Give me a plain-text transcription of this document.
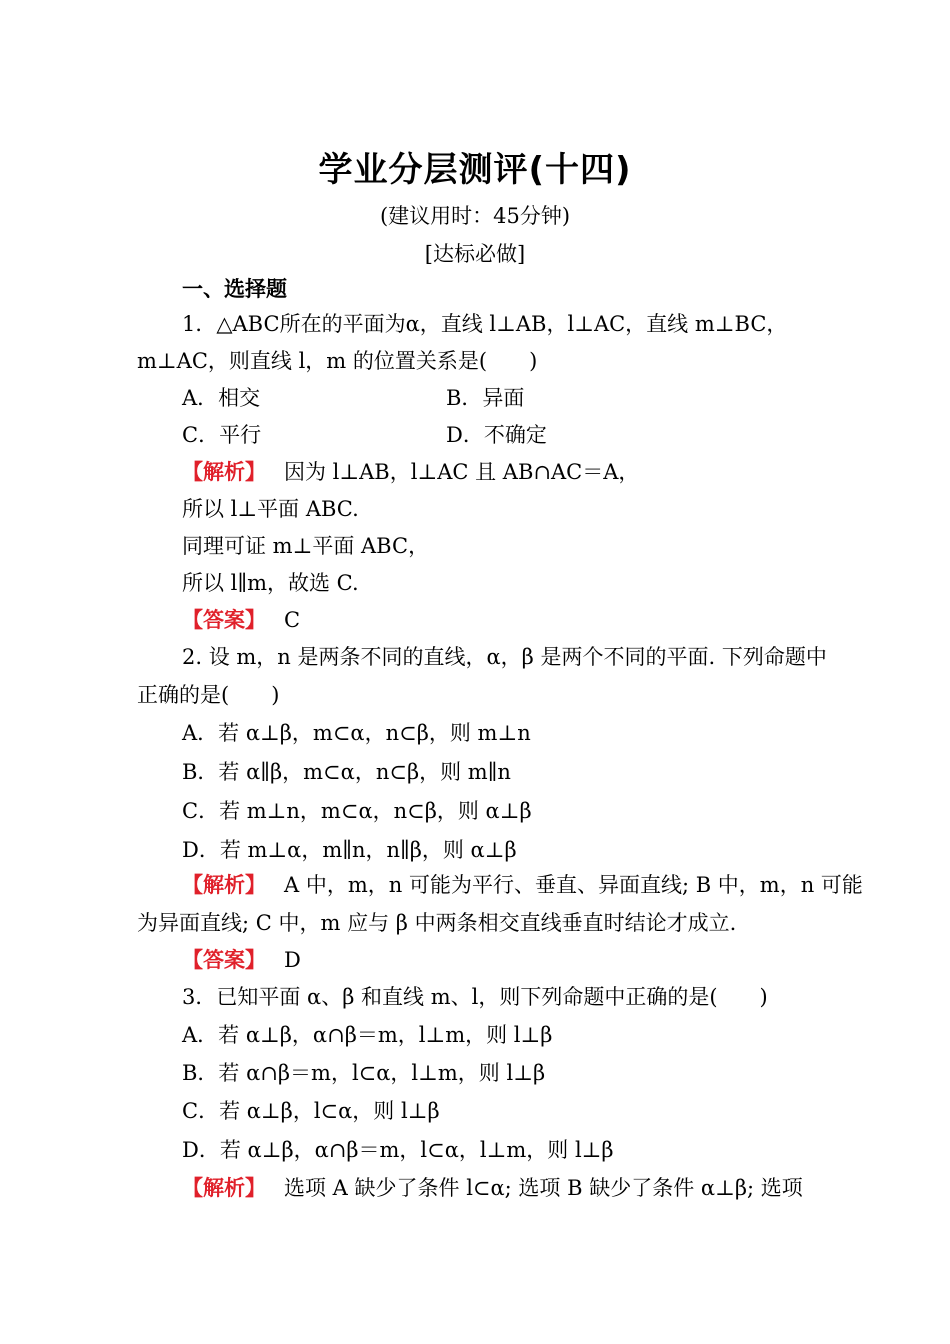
学业分层测评(十四)
(建议用时：45分钟)
[达标必做]
一、选择题
1．△ABC所在的平面为α，直线 l⊥AB，l⊥AC，直线 m⊥BC，
m⊥AC，则直线 l，m 的位置关系是(　　)
A．相交	B．异面
C．平行	D．不确定
【解析】 因为 l⊥AB，l⊥AC 且 AB∩AC＝A，
所以 l⊥平面 ABC.
同理可证 m⊥平面 ABC，
所以 l∥m，故选 C.
【答案】 C
2. 设 m，n 是两条不同的直线，α，β 是两个不同的平面. 下列命题中
正确的是(　　)
A．若 α⊥β，m⊂α，n⊂β，则 m⊥n
B．若 α∥β，m⊂α，n⊂β，则 m∥n
C．若 m⊥n，m⊂α，n⊂β，则 α⊥β
D．若 m⊥α，m∥n，n∥β，则 α⊥β
【解析】 A 中，m，n 可能为平行、垂直、异面直线; B 中，m，n 可能
为异面直线; C 中，m 应与 β 中两条相交直线垂直时结论才成立.
【答案】 D
3．已知平面 α、β 和直线 m、l，则下列命题中正确的是(　　)
A．若 α⊥β，α∩β＝m，l⊥m，则 l⊥β
B．若 α∩β＝m，l⊂α，l⊥m，则 l⊥β
C．若 α⊥β，l⊂α，则 l⊥β
D．若 α⊥β，α∩β＝m，l⊂α，l⊥m，则 l⊥β
【解析】 选项 A 缺少了条件 l⊂α; 选项 B 缺少了条件 α⊥β; 选项
